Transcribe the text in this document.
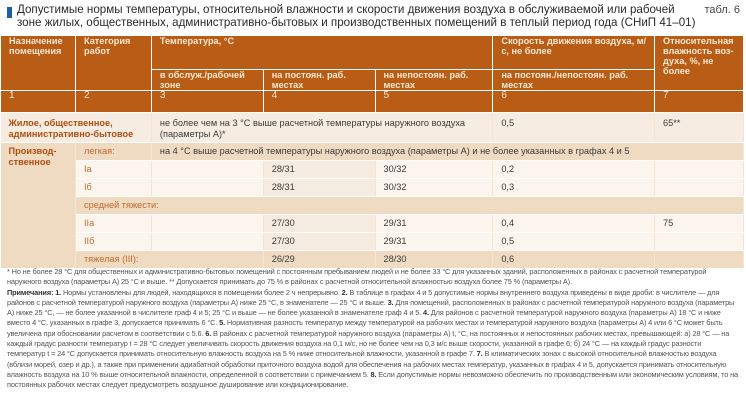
Допустимые нормы температуры, относительной влажности и скорости движения воздуха в обслуживаемой или рабочей зоне жилых, общественных, административно-бытовых и производственных помещений в теплый период года (СНиП 41–01)
табл. 6
Назначение помещения	Категория работ	Температура, °С			Скорость движения воздуха, м/с, не более	Относительная влажность воз-духа, %, не более
		в обслуж./рабочей зоне	на постоян. раб. местах	на непостоян. раб. местах	на постоян./непостоян. раб. местах	
1	2	3	4	5	6	7
Жилое, общественное, административно-бытовое		не более чем на 3 °С выше расчетной температуры наружного воздуха (параметры А)*			0,5	65**
Производ-ственное	легкая:	на 4 °С выше расчетной температуры наружного воздуха (параметры А) и не более указанных в графах 4 и 5				
	Iа		28/31	30/32	0,2	
	Iб		28/31	30/32	0,3	
	средней тяжести:					
	IIа		27/30	29/31	0,4	75
	IIб		27/30	29/31	0,5	
	тяжелая (III):		26/29	28/30	0,6	
* Но не более 28 °С для общественных и административно-бытовых помещений с постоянным пребыванием людей и не более 33 °С для указанных зданий, расположенных в районах с расчетной температурой наружного воздуха (параметры А) 25 °С и выше. ** Допускается принимать до 75 % в районах с расчетной относительной влажностью воздуха более 75 % (параметры А).
Примечания: 1. Нормы установлены для людей, находящихся в помещении более 2 ч непрерывно. 2. В таблице в графах 4 и 5 допустимые нормы внутреннего воздуха приведены в виде дроби: в числителе — для районов с расчетной температурой наружного воздуха (параметры А) ниже 25 °С, в знаменателе — 25 °С и выше. 3. Для помещений, расположенных в районах с расчетной температурой наружного воздуха (параметры А) ниже 25 °С, — не более указанной в числителе граф 4 и 5; 25 °С и выше — не более указанной в знаменателе граф 4 и 5. 4. Для районов с расчетной температурой наружного воздуха (параметры А) 18 °С и ниже вместо 4 °С, указанных в графе 3, допускается принимать 6 °С. 5. Нормативная разность температур между температурой на рабочих местах и температурой наружного воздуха (параметры А) 4 или 6 °С может быть увеличена при обосновании расчетом в соответствии с 5.6. 6. В районах с расчетной температурой наружного воздуха (параметры А) t, °С, на постоянных и непостоянных рабочих местах, превышающей: а) 28 °С — на каждый градус разности температур t = 28 °С следует увеличивать скорость движения воздуха на 0,1 м/с, но не более чем на 0,3 м/с выше скорости, указанной в графе 6; б) 24 °С — на каждый градус разности температур t = 24 °С допускается принимать относительную влажность воздуха на 5 % ниже относительной влажности, указанной в графе 7. 7. В климатических зонах с высокой относительной влажностью воздуха (вблизи морей, озер и др.), а также при применении адиабатной обработки приточного воздуха водой для обеспечения на рабочих местах температур, указанных в графах 4 и 5, допускается принимать относительную влажность воздуха на 10 % выше относительной влажности, определенной в соответствии с примечанием 5. 8. Если допустимые нормы невозможно обеспечить по производственным или экономическим условиям, то на постоянных рабочих местах следует предусмотреть воздушное душирование или кондиционирование.
